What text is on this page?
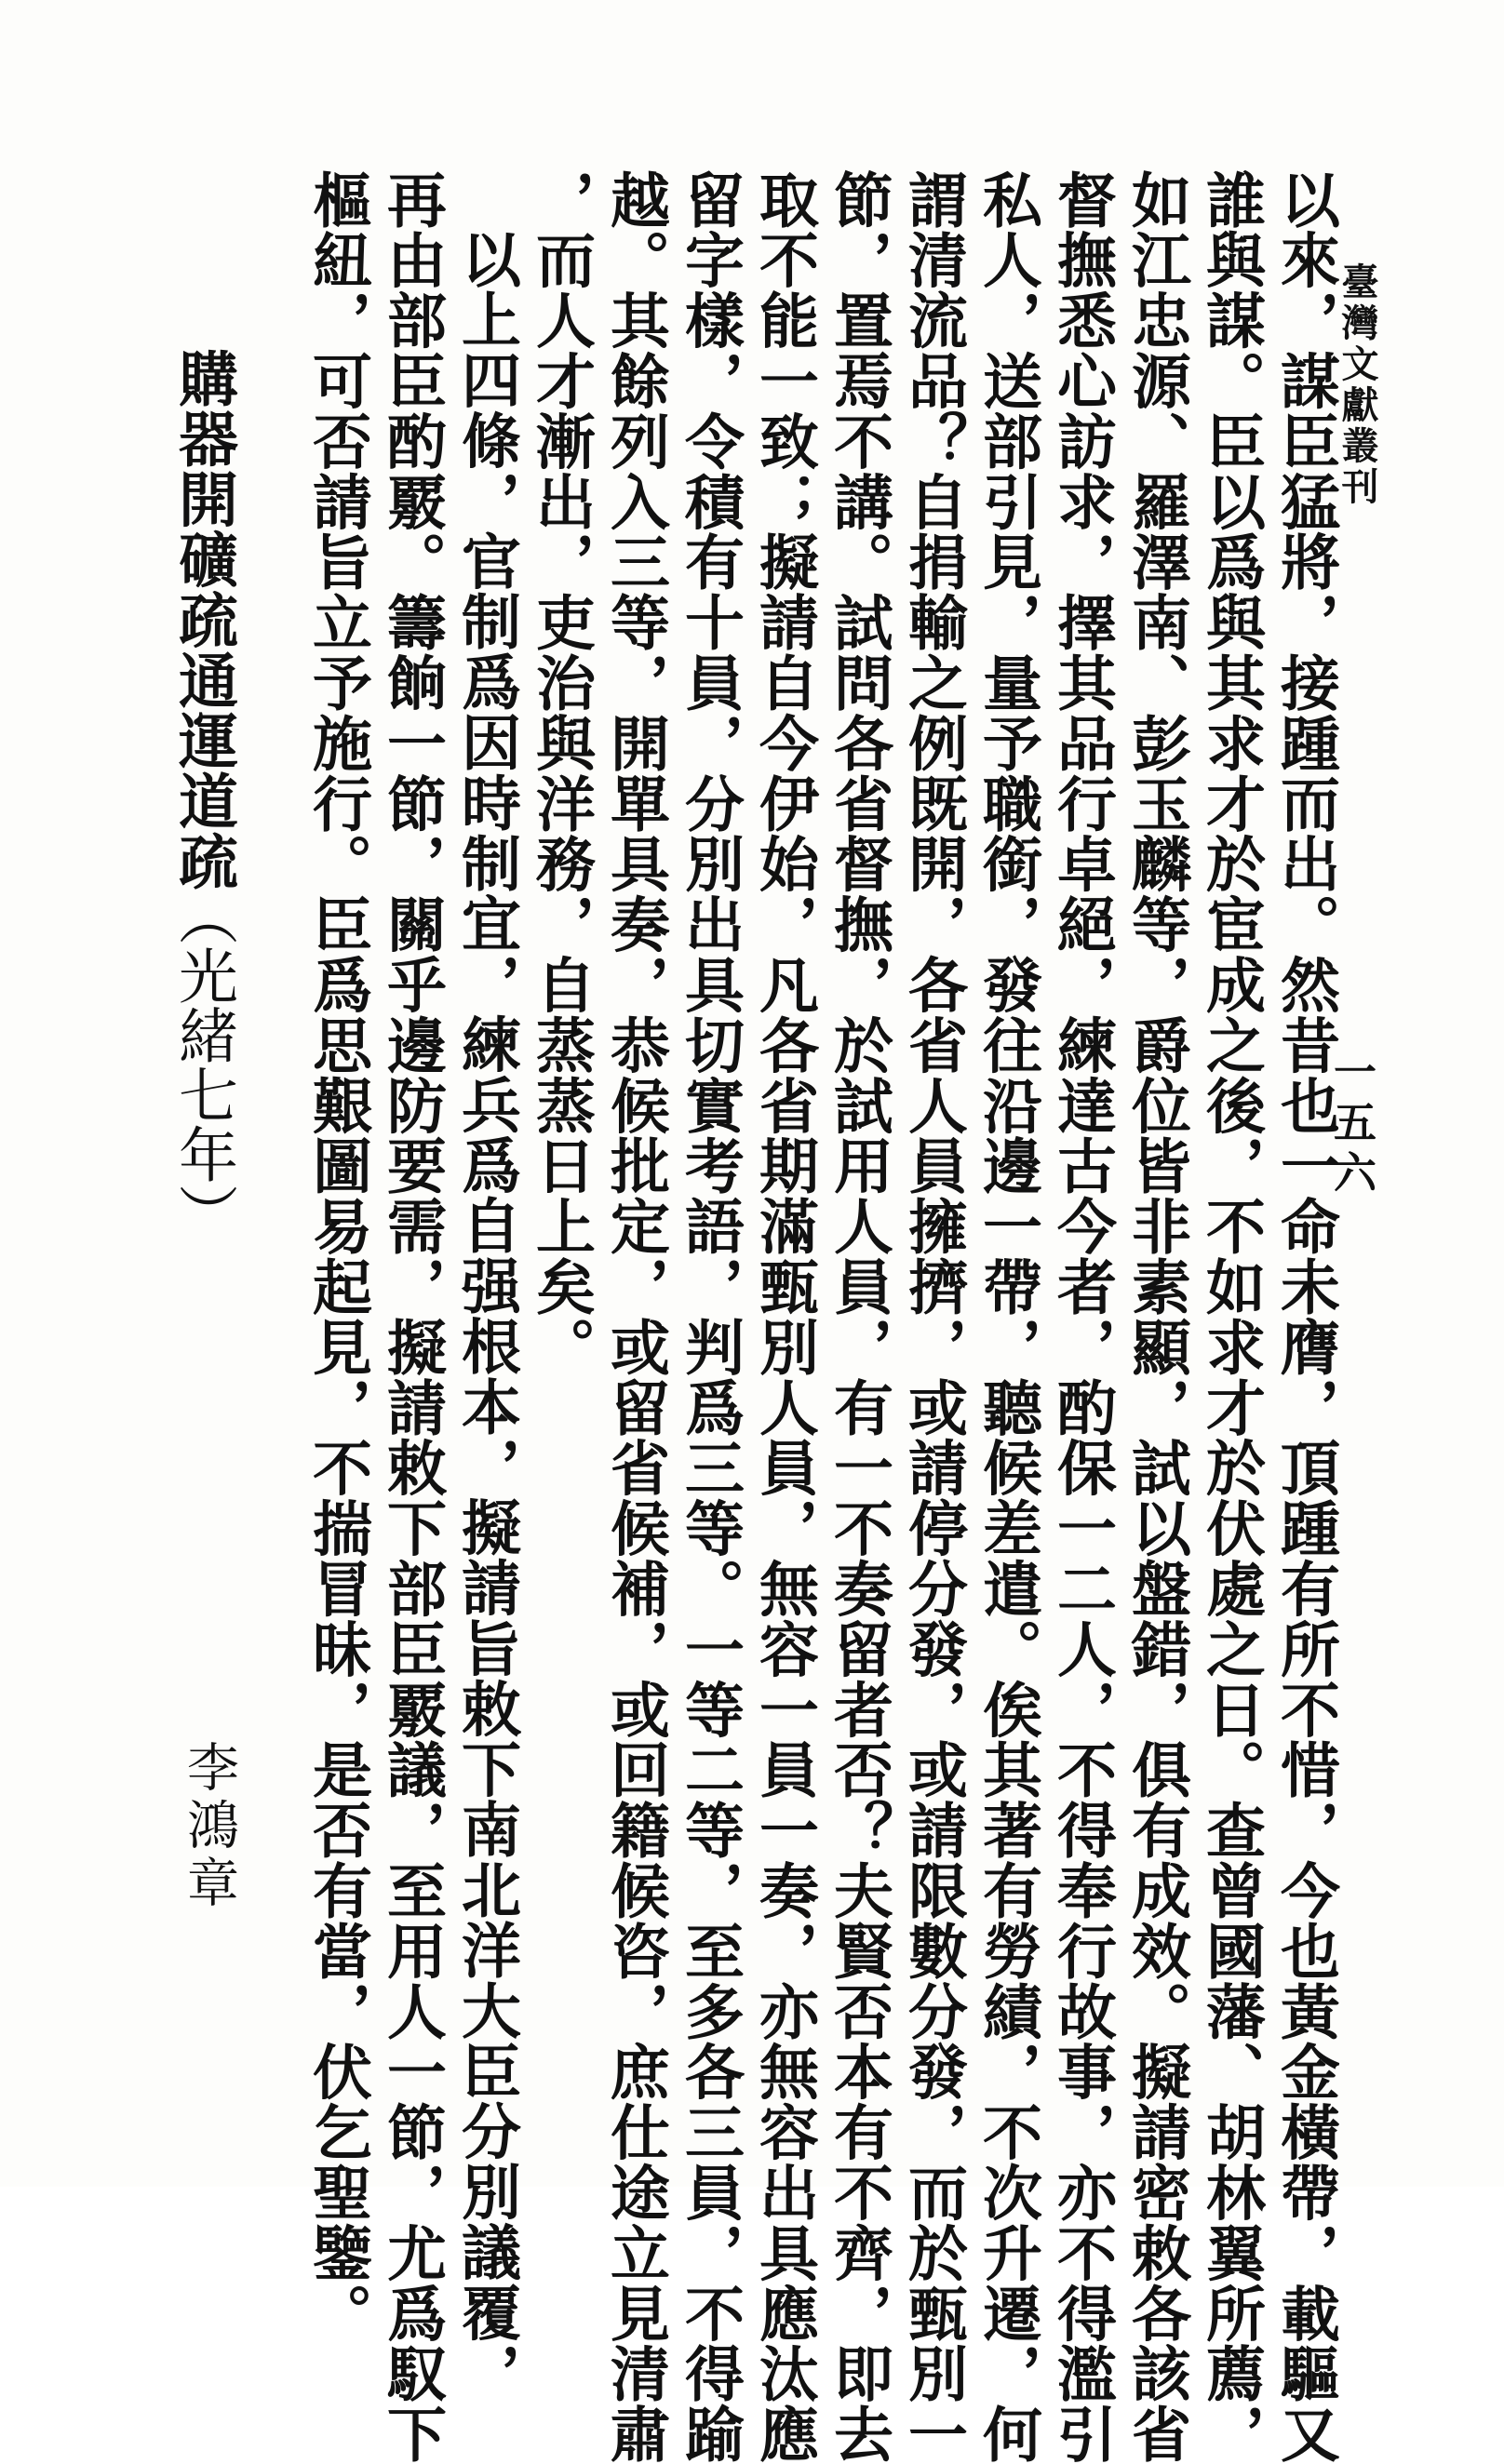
臺灣文獻叢刊
一五六
以來，謀臣猛將，接踵而出。然昔也一命未膺，頂踵有所不惜，今也黃金橫帶，載驅又
誰與謀。臣以爲與其求才於宦成之後，不如求才於伏處之日。查曾國藩、胡林翼所薦，
如江忠源、羅澤南、彭玉麟等，爵位皆非素顯，試以盤錯，俱有成效。擬請密敕各該省
督撫悉心訪求，擇其品行卓絕，練達古今者，酌保一二人，不得奉行故事，亦不得濫引
私人，送部引見，量予職銜，發往沿邊一帶，聽候差遣。俟其著有勞績，不次升遷，何
謂清流品？自捐輸之例既開，各省人員擁擠，或請停分發，或請限數分發，而於甄別一
節，置焉不講。試問各省督撫，於試用人員，有一不奏留者否？夫賢否本有不齊，即去
取不能一致；擬請自今伊始，凡各省期滿甄別人員，無容一員一奏，亦無容出具應汰應
留字樣，令積有十員，分別出具切實考語，判爲三等。一等二等，至多各三員，不得踰
越。其餘列入三等，開單具奏，恭候批定，或留省候補，或回籍候咨，庶仕途立見清肅
，而人才漸出，吏治與洋務，自蒸蒸日上矣。
以上四條，官制爲因時制宜，練兵爲自强根本，擬請旨敕下南北洋大臣分別議覆，
再由部臣酌覈。籌餉一節，關乎邊防要需，擬請敕下部臣覈議，至用人一節，尤爲馭下
樞紐，可否請旨立予施行。臣爲思艱圖易起見，不揣冒昧，是否有當，伏乞聖鑒。
購器開礦疏通運道疏
（光緒七年）
李鴻章
